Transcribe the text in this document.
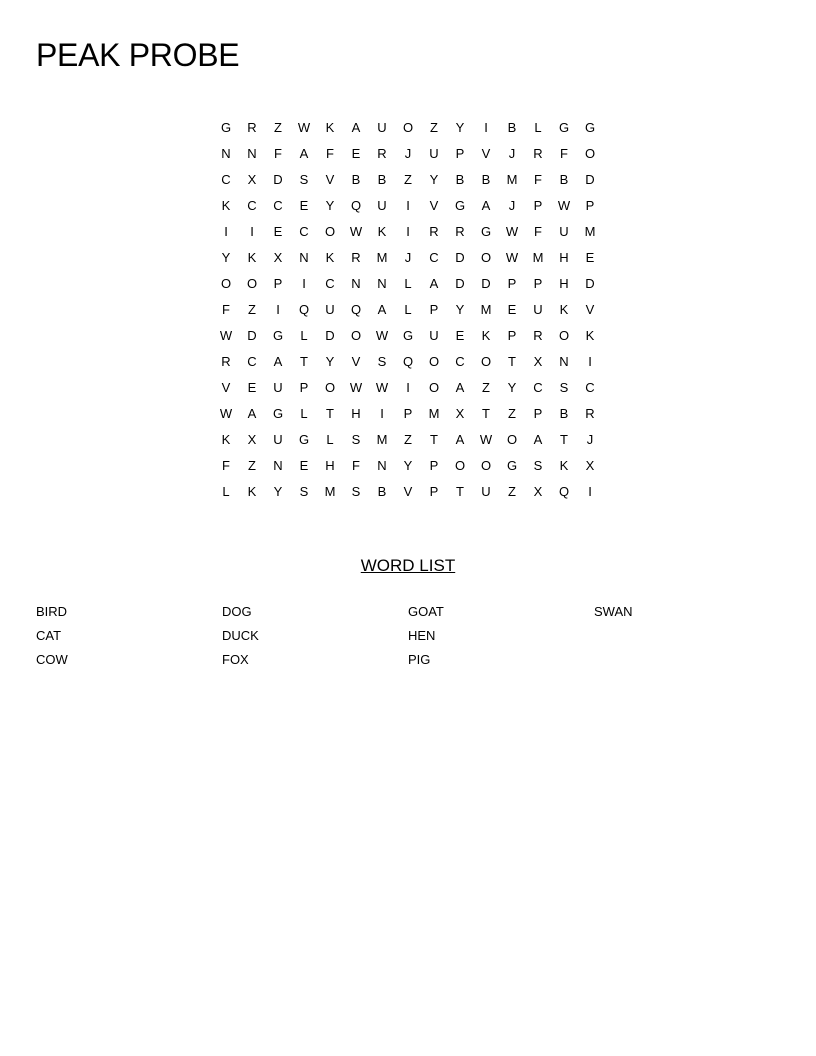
PEAK PROBE
G	R	Z	W	K	A	U	O	Z	Y	I	B	L	G	G
N	N	F	A	F	E	R	J	U	P	V	J	R	F	O
C	X	D	S	V	B	B	Z	Y	B	B	M	F	B	D
K	C	C	E	Y	Q	U	I	V	G	A	J	P	W	P
I	I	E	C	O	W	K	I	R	R	G	W	F	U	M
Y	K	X	N	K	R	M	J	C	D	O	W	M	H	E
O	O	P	I	C	N	N	L	A	D	D	P	P	H	D
F	Z	I	Q	U	Q	A	L	P	Y	M	E	U	K	V
W	D	G	L	D	O	W	G	U	E	K	P	R	O	K
R	C	A	T	Y	V	S	Q	O	C	O	T	X	N	I
V	E	U	P	O	W	W	I	O	A	Z	Y	C	S	C
W	A	G	L	T	H	I	P	M	X	T	Z	P	B	R
K	X	U	G	L	S	M	Z	T	A	W	O	A	T	J
F	Z	N	E	H	F	N	Y	P	O	O	G	S	K	X
L	K	Y	S	M	S	B	V	P	T	U	Z	X	Q	I
WORD LIST
BIRD
CAT
COW
DOG
DUCK
FOX
GOAT
HEN
PIG
SWAN
